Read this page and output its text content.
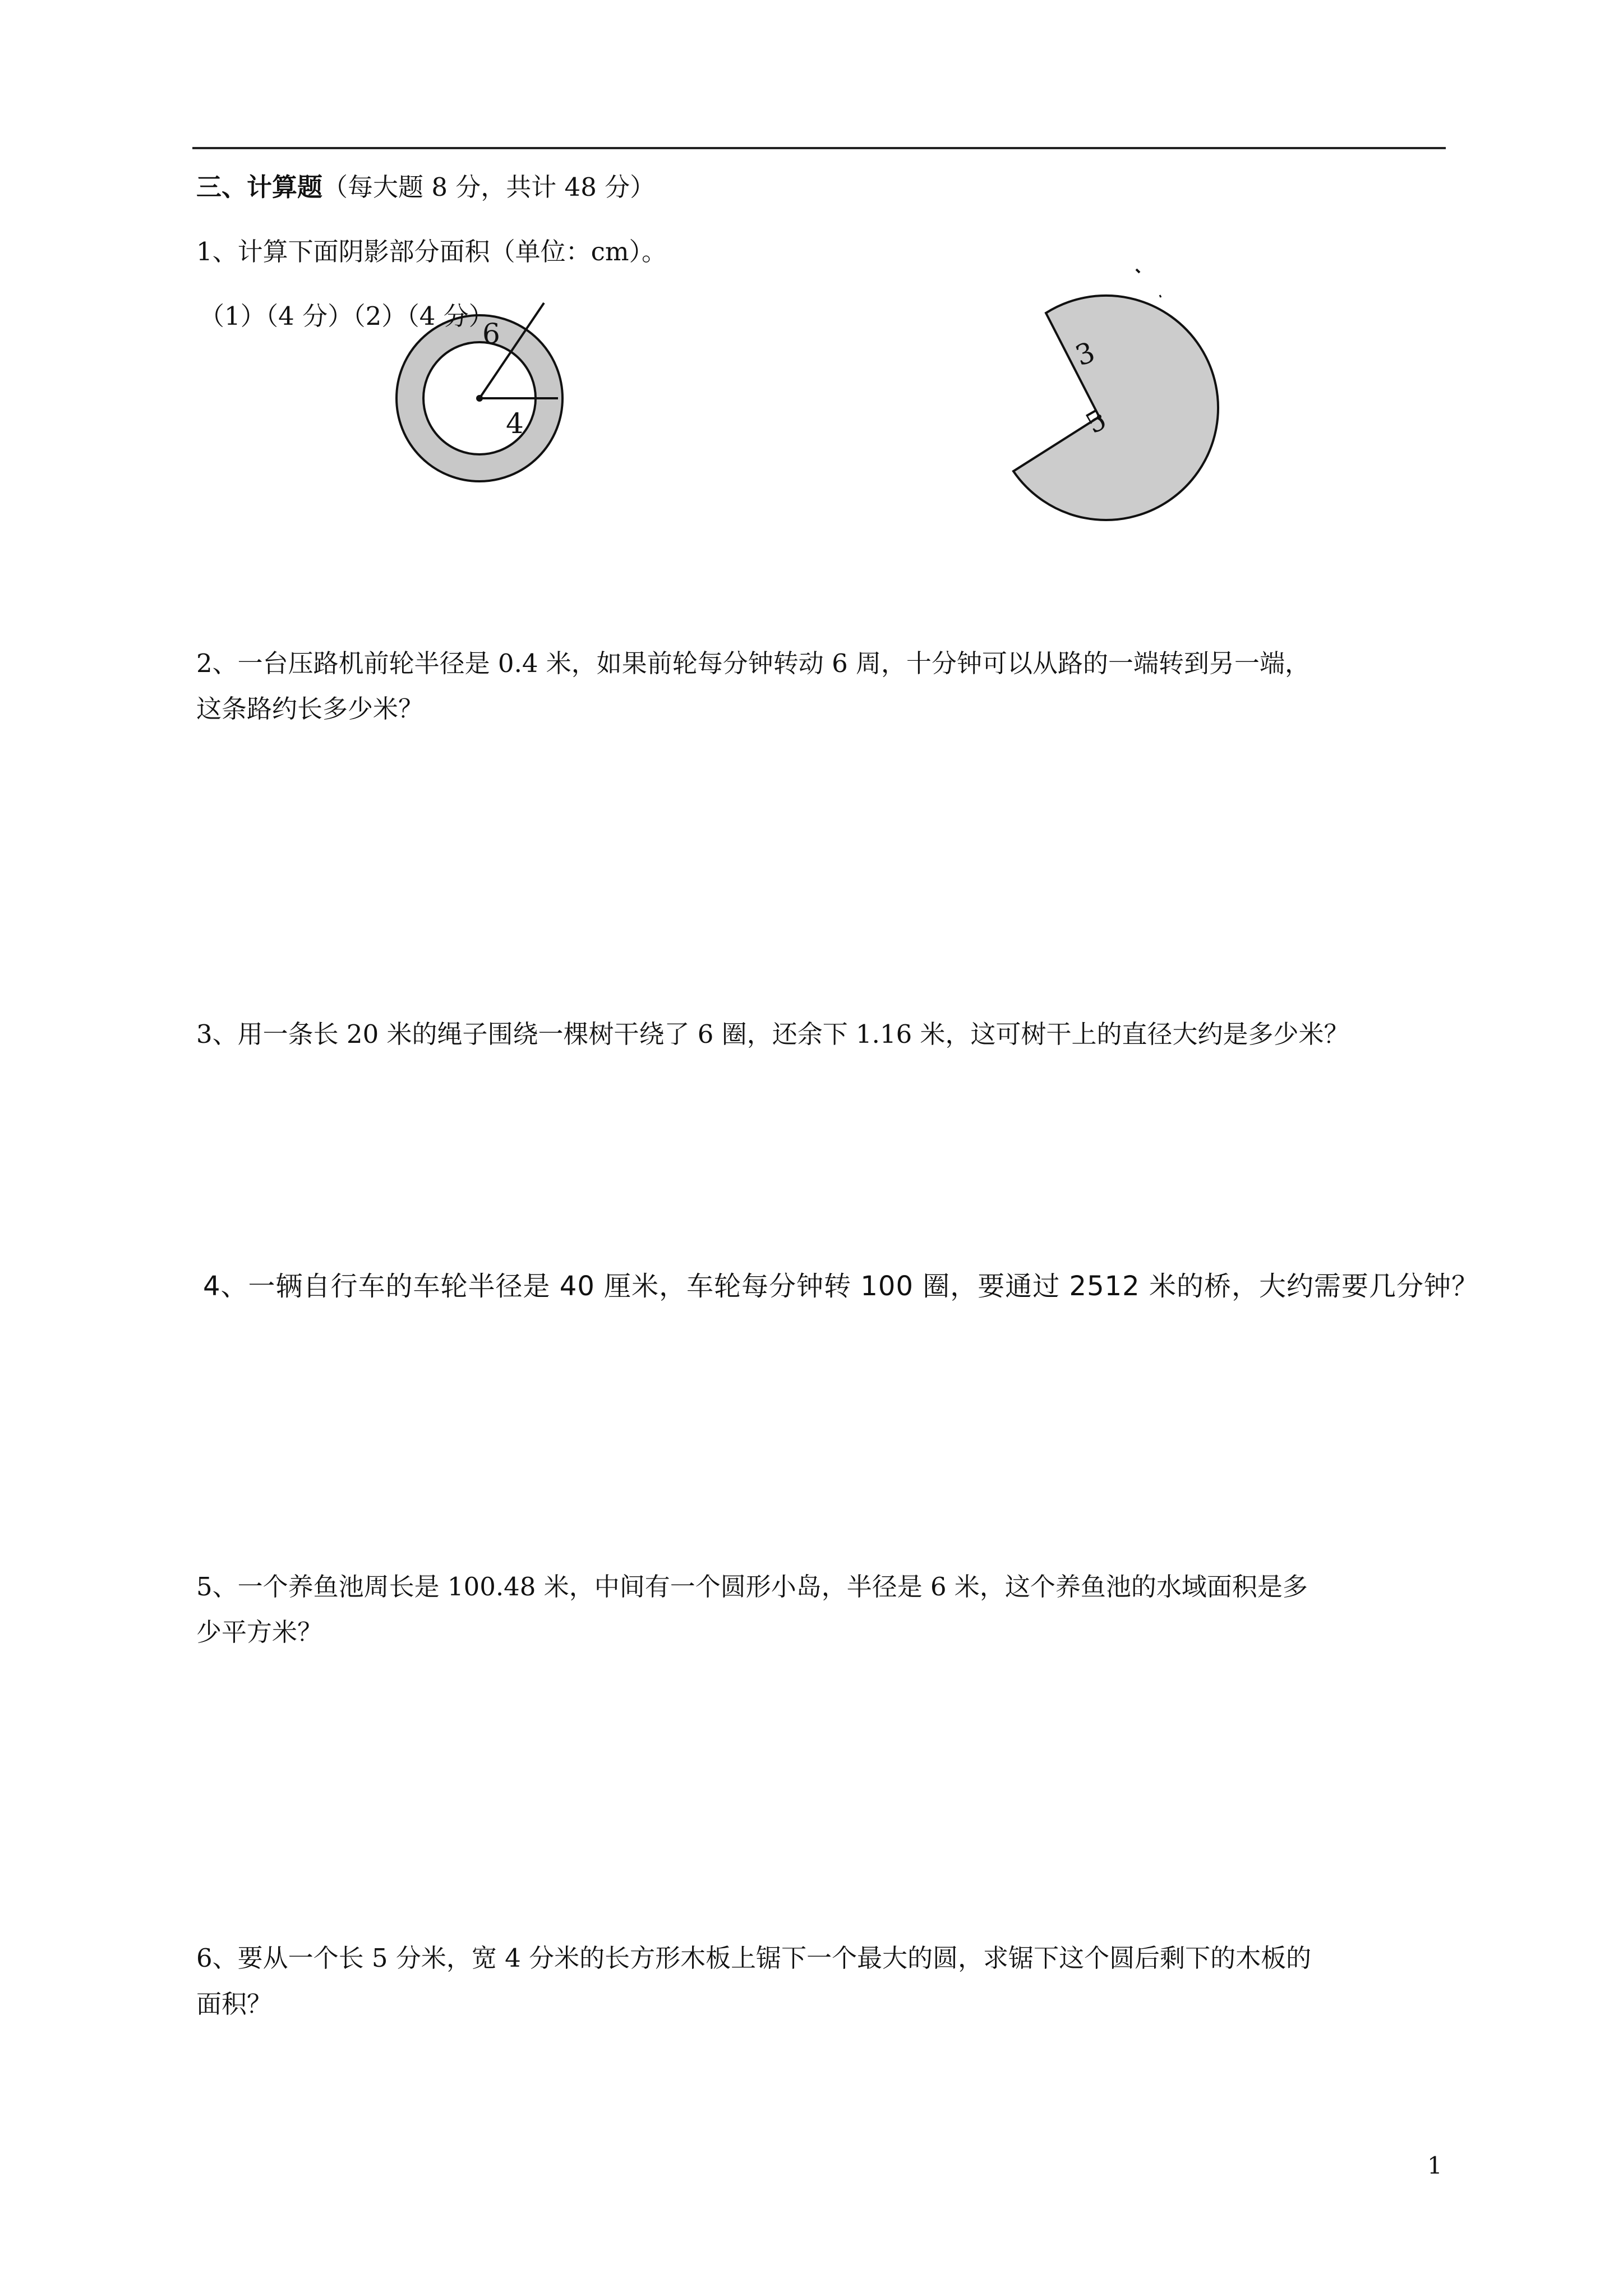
三、计算题（每大题 8 分，共计 48 分）
1、计算下面阴影部分面积（单位：cm）。
6
4
（1）（4 分）（2）（4 分）
3
5
2、一台压路机前轮半径是 0.4 米，如果前轮每分钟转动 6 周，十分钟可以从路的一端转到另一端，
这条路约长多少米？
3、用一条长 20 米的绳子围绕一棵树干绕了 6 圈，还余下 1.16 米，这可树干上的直径大约是多少米？
4、一辆自行车的车轮半径是 40 厘米，车轮每分钟转 100 圈，要通过 2512 米的桥，大约需要几分钟？
5、一个养鱼池周长是 100.48 米，中间有一个圆形小岛，半径是 6 米，这个养鱼池的水域面积是多
少平方米？
6、要从一个长 5 分米，宽 4 分米的长方形木板上锯下一个最大的圆，求锯下这个圆后剩下的木板的
面积？
1
